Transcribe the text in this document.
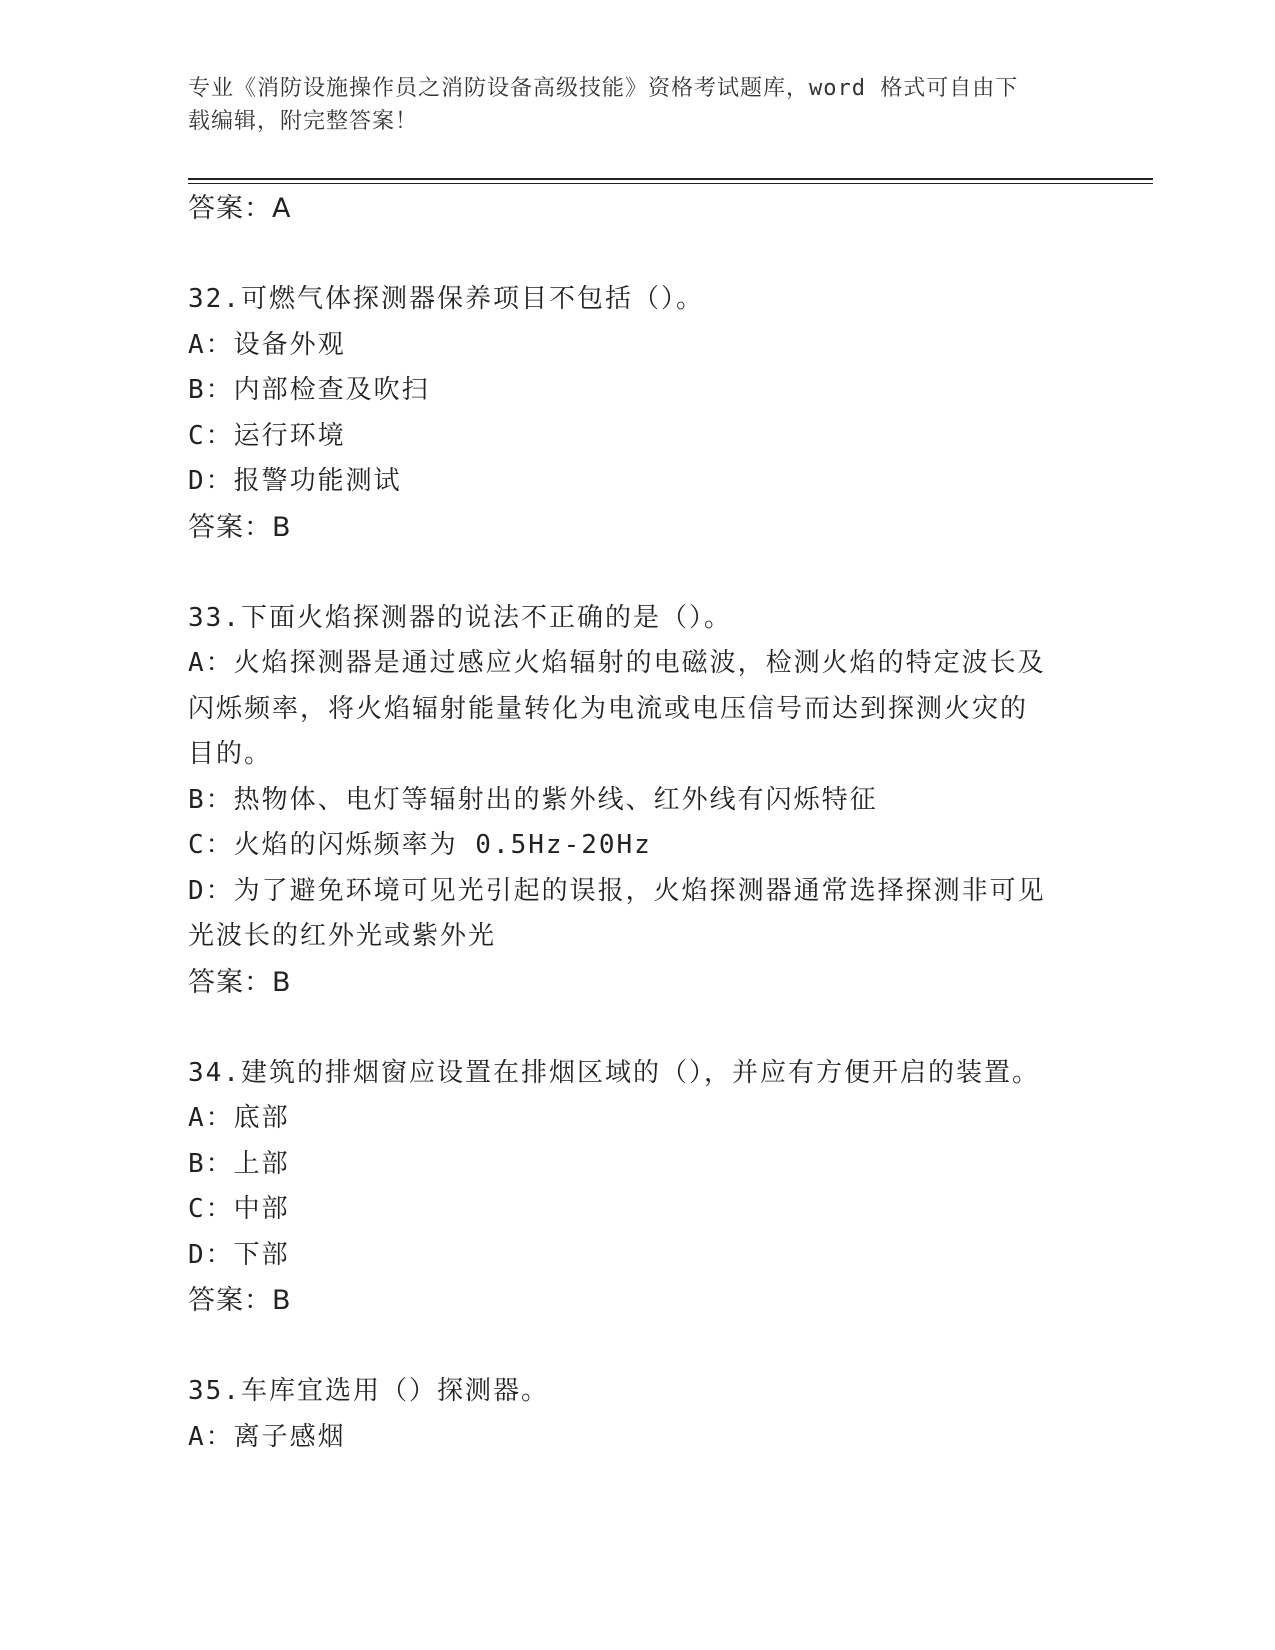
专业《消防设施操作员之消防设备高级技能》资格考试题库，word 格式可自由下
载编辑，附完整答案！

答案：A

32.可燃气体探测器保养项目不包括（）。

A：设备外观

B：内部检查及吹扫

C：运行环境

D：报警功能测试

答案：B

33.下面火焰探测器的说法不正确的是（）。

A：火焰探测器是通过感应火焰辐射的电磁波，检测火焰的特定波长及

闪烁频率，将火焰辐射能量转化为电流或电压信号而达到探测火灾的

目的。

B：热物体、电灯等辐射出的紫外线、红外线有闪烁特征

C：火焰的闪烁频率为 0.5Hz-20Hz

D：为了避免环境可见光引起的误报，火焰探测器通常选择探测非可见

光波长的红外光或紫外光

答案：B

34.建筑的排烟窗应设置在排烟区域的（），并应有方便开启的装置。

A：底部

B：上部

C：中部

D：下部

答案：B

35.车库宜选用（）探测器。

A：离子感烟
